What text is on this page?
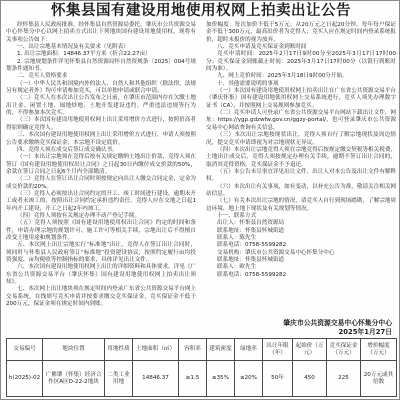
怀集县国有建设用地使用权网上拍卖出让公告

经怀集县人民政府批准，经怀集县自然资源局委托，肇庆市公共资源交易中心怀集分中心以网上拍卖方式出让下列地块国有建设用地使用权，现将有关事项公告如下：

一、出让宗地基本情况及有关要求（见附表）

1. 出让宗地面积：14846.37平方米（折合22.27亩）

2. 宗地规划条件详见怀集县自然资源局怀自然资规条〔2025〕004号规划条件通知书。

二、竞买人资格要求

（一）中华人民共和国境内外的法人、自然人和其他组织（除法律、法规另有规定者外）均可申请参加竞买，可以单独申请或联合申请。

（二）竞买人在本次出让公告发布之日前，在肇庆市范围内存在欠缴土地出让金、闲置土地、囤地炒地、土地开发建设违约、严重违法违规等行为的，不得参加本次竞买。

（三）本次国有建设用地使用权网上出让采用增价方式进行，按照价高者得原则确定竞得人。

三、本次国有建设用地使用权网上出让采用增价方式进行，申请人须按照公告要求缴纳竞买保证金，本宗地不设定底价。

四、竞得人须在成交后签订成交确认书。

（一）本出让宗地须在竞得后按有关规定缴纳土地出让价款，竞得人须在签订《国有建设用地使用权出让合同》之日起30日内缴付成交价款的50%，余款在签订合同之日起6个月内全部缴清。

（二）竞得人在签订出让合同时须按规定向出让人缴交合同定金，定金为成交价款的20%。

（三）竞得人必须按出让合同约定的开工、竣工时间进行建设，逾期未开工或者未竣工的，按照出让合同约定承担违约责任。竞得人应在交地之日起1年内开工建设，开工之日起2年内竣工。

（四）竞得人须按有关规定办理不动产登记手续。

（五）竞得人须按照《国有建设用地使用权出让合同》约定的时间和条件，申请办理宗地的规划许可、施工许可等相关手续，宗地出让后不得擅自改变土地用途和规划条件。

五、本次网上出让宗地实行“标准地”出让，竞得人在签订出让合同时，须同时与怀集县人民政府签订“标准地”投资建设协议，按照约定履行亩均投资强度、亩均税收等控制指标的要求，具体详见出让文件。

六、本次国有建设用地使用权网上出让的详细资料和具体要求，详见《广东省公共资源交易平台（肇庆怀集）国有建设用地使用权网上拍卖出让须知》。

七、本次网上出让地块须在规定时间内登录广东省公共资源交易平台网上交易系统，在线填写竞买申请并按要求缴交竞买保证金，竞买保证金不低于200万元，保证金须在规定时间内到账。

加价幅度：每次加价不低于5万元；从20万元之日起20分钟，每年每户保证金不低于300万元，最高出价者为竞得人；竞买人应在规定时间内登录系统报价，超时未报价的视为放弃。

八、竞买申请及竞买保证金到账时间

竞买申请时间：2025年2月17日9时00分至2025年3月17日17时00分；竞买保证金到账截止时间：2025年3月17日17时00分（以银行到账时间为准）。

九、网上竞价时间：2025年3月18日9时00分开始。

十、其他需要说明的事项

（一）本次国有建设用地使用权网上拍卖出让在广东省公共资源交易平台（肇庆怀集）国有建设用地使用权网上交易系统进行，竞买人须先办理数字证书（CA），并按照网上交易规则参加竞买。

（二）竞买申请人可登录广东省公共资源交易平台网站下载出让文件，网址：https://ygp.gdzwfw.gov.cn/ggzy-portal/，也可登录肇庆市公共资源交易中心网站查询有关信息。

（三）本次出让宗地按现状出让，竞得人须自行了解宗地现状及周边情况，提交竞买申请即视为对宗地现状无异议。

（四）本次出让宗地竞得人须在宗地竞得后按规定缴交契税等相关税费，土地出让成交后，竞得人须按规定办理有关手续，逾期不签订出让合同的，取消其竞得资格，竞买保证金不予退还。

（五）本公告未尽事宜详见出让文件，出让人对本公告及出让文件有解释权。

（六）本次出让有关事项，如有变动，以补充公告为准，敬请关注相关网站信息。

（七）有关本次出让宗地的情况，请竞买人自行到现场踏勘，了解宗地周边环境、地上地下现状及有关规划等情况。

十一、联系方式

出让人：怀集县自然资源局

联系地址：怀集县怀城街道

联系人：陈先生

联系电话：0758-5599282

交易机构：肇庆市公共资源交易中心怀集分中心

联系地址：怀集县怀城街道

联系人：欧先生

联系电话：0758-5599282

肇庆市公共资源交易中心怀集分中心
2025年1月27日
交易编号	地块位置	用地性质	土地面积（㎡）	容积率	建筑密度	绿地率	出让年限（年）	起始价（万元）	竞买保证金（万元）	增价幅度（万元）
h(2025)-02	广佛肇（怀集）经济合作区A区D-22-2地块	二类工业用地	14846.37	≥1.5	≥35%	≤20%	50年	450	225	20万元或其倍数
